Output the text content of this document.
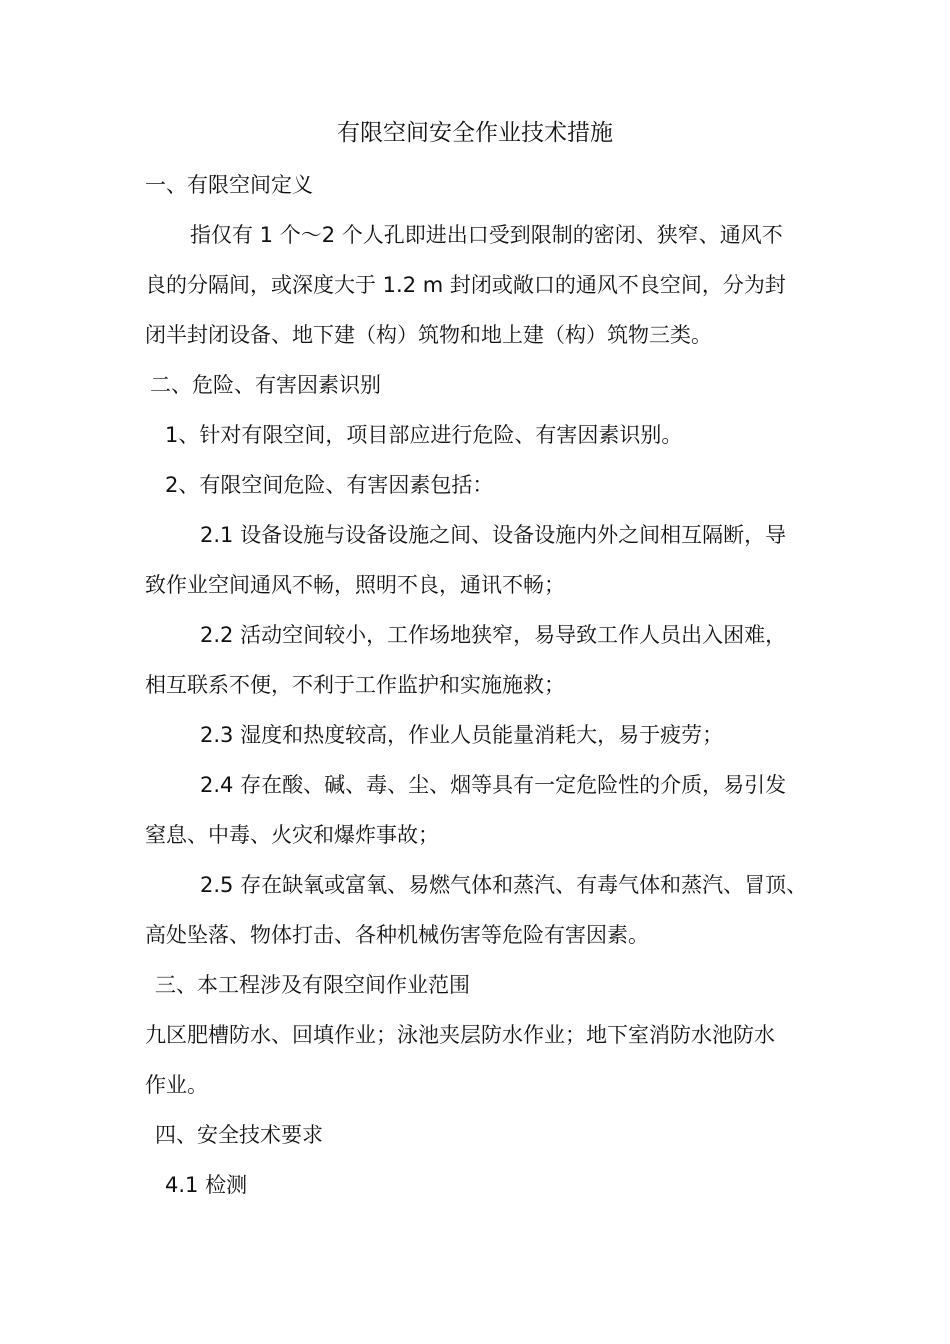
有限空间安全作业技术措施
一、有限空间定义
指仅有 1 个～2 个人孔即进出口受到限制的密闭、狭窄、通风不
良的分隔间，或深度大于 1.2 m 封闭或敞口的通风不良空间，分为封
闭半封闭设备、地下建（构）筑物和地上建（构）筑物三类。
二、危险、有害因素识别
1、针对有限空间，项目部应进行危险、有害因素识别。
2、有限空间危险、有害因素包括：
2.1 设备设施与设备设施之间、设备设施内外之间相互隔断，导
致作业空间通风不畅，照明不良，通讯不畅；
2.2 活动空间较小，工作场地狭窄，易导致工作人员出入困难，
相互联系不便，不利于工作监护和实施施救；
2.3 湿度和热度较高，作业人员能量消耗大，易于疲劳；
2.4 存在酸、碱、毒、尘、烟等具有一定危险性的介质，易引发
窒息、中毒、火灾和爆炸事故；
2.5 存在缺氧或富氧、易燃气体和蒸汽、有毒气体和蒸汽、冒顶、
高处坠落、物体打击、各种机械伤害等危险有害因素。
三、本工程涉及有限空间作业范围
九区肥槽防水、回填作业；泳池夹层防水作业；地下室消防水池防水
作业。
四、安全技术要求
4.1 检测
